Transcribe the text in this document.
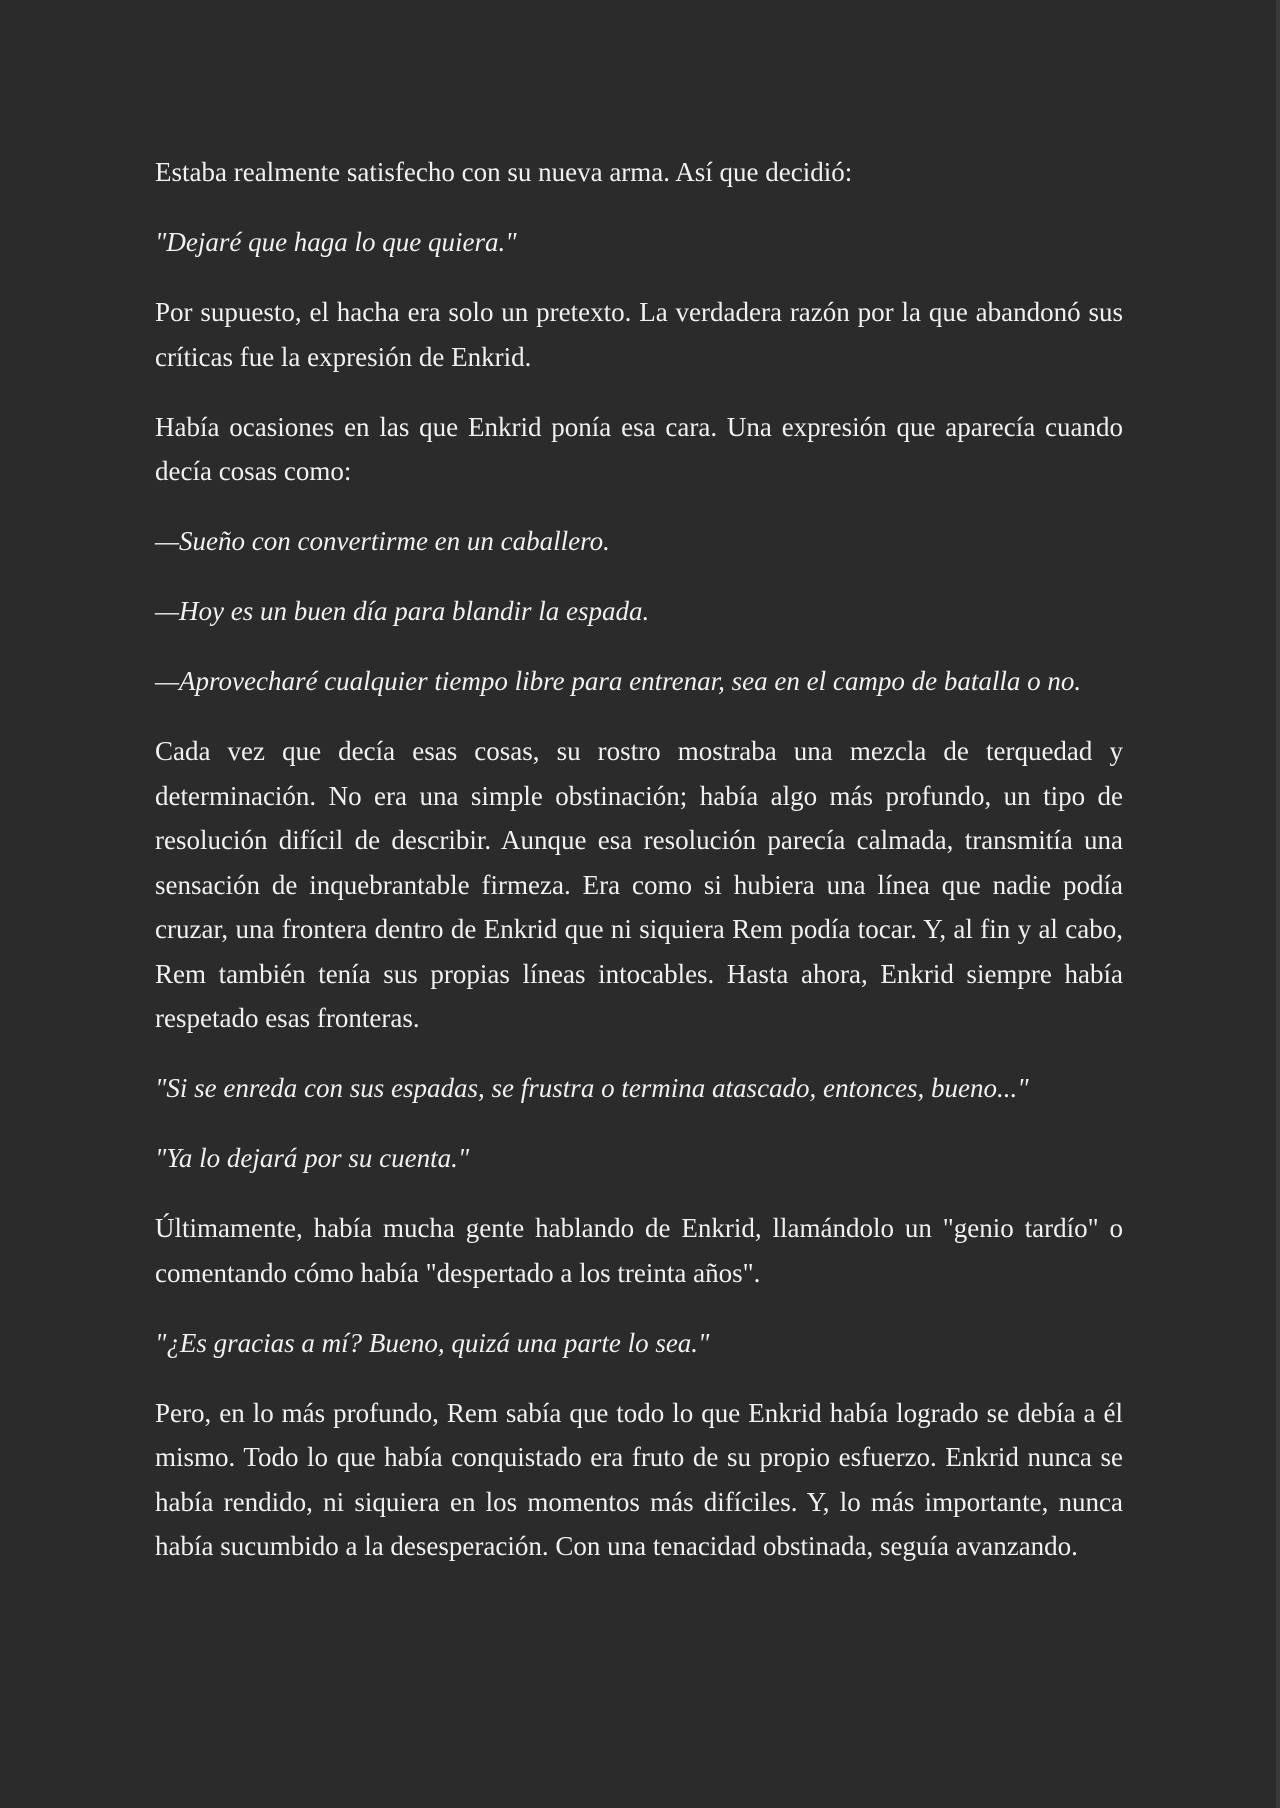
Estaba realmente satisfecho con su nueva arma. Así que decidió:

"Dejaré que haga lo que quiera."

Por supuesto, el hacha era solo un pretexto. La verdadera razón por la que abandonó sus críticas fue la expresión de Enkrid.

Había ocasiones en las que Enkrid ponía esa cara. Una expresión que aparecía cuando decía cosas como:

—Sueño con convertirme en un caballero.

—Hoy es un buen día para blandir la espada.

—Aprovecharé cualquier tiempo libre para entrenar, sea en el campo de batalla o no.

Cada vez que decía esas cosas, su rostro mostraba una mezcla de terquedad y determinación. No era una simple obstinación; había algo más profundo, un tipo de resolución difícil de describir. Aunque esa resolución parecía calmada, transmitía una sensación de inquebrantable firmeza. Era como si hubiera una línea que nadie podía cruzar, una frontera dentro de Enkrid que ni siquiera Rem podía tocar. Y, al fin y al cabo, Rem también tenía sus propias líneas intocables. Hasta ahora, Enkrid siempre había respetado esas fronteras.

"Si se enreda con sus espadas, se frustra o termina atascado, entonces, bueno..."

"Ya lo dejará por su cuenta."

Últimamente, había mucha gente hablando de Enkrid, llamándolo un "genio tardío" o comentando cómo había "despertado a los treinta años".

"¿Es gracias a mí? Bueno, quizá una parte lo sea."

Pero, en lo más profundo, Rem sabía que todo lo que Enkrid había logrado se debía a él mismo. Todo lo que había conquistado era fruto de su propio esfuerzo. Enkrid nunca se había rendido, ni siquiera en los momentos más difíciles. Y, lo más importante, nunca había sucumbido a la desesperación. Con una tenacidad obstinada, seguía avanzando.
